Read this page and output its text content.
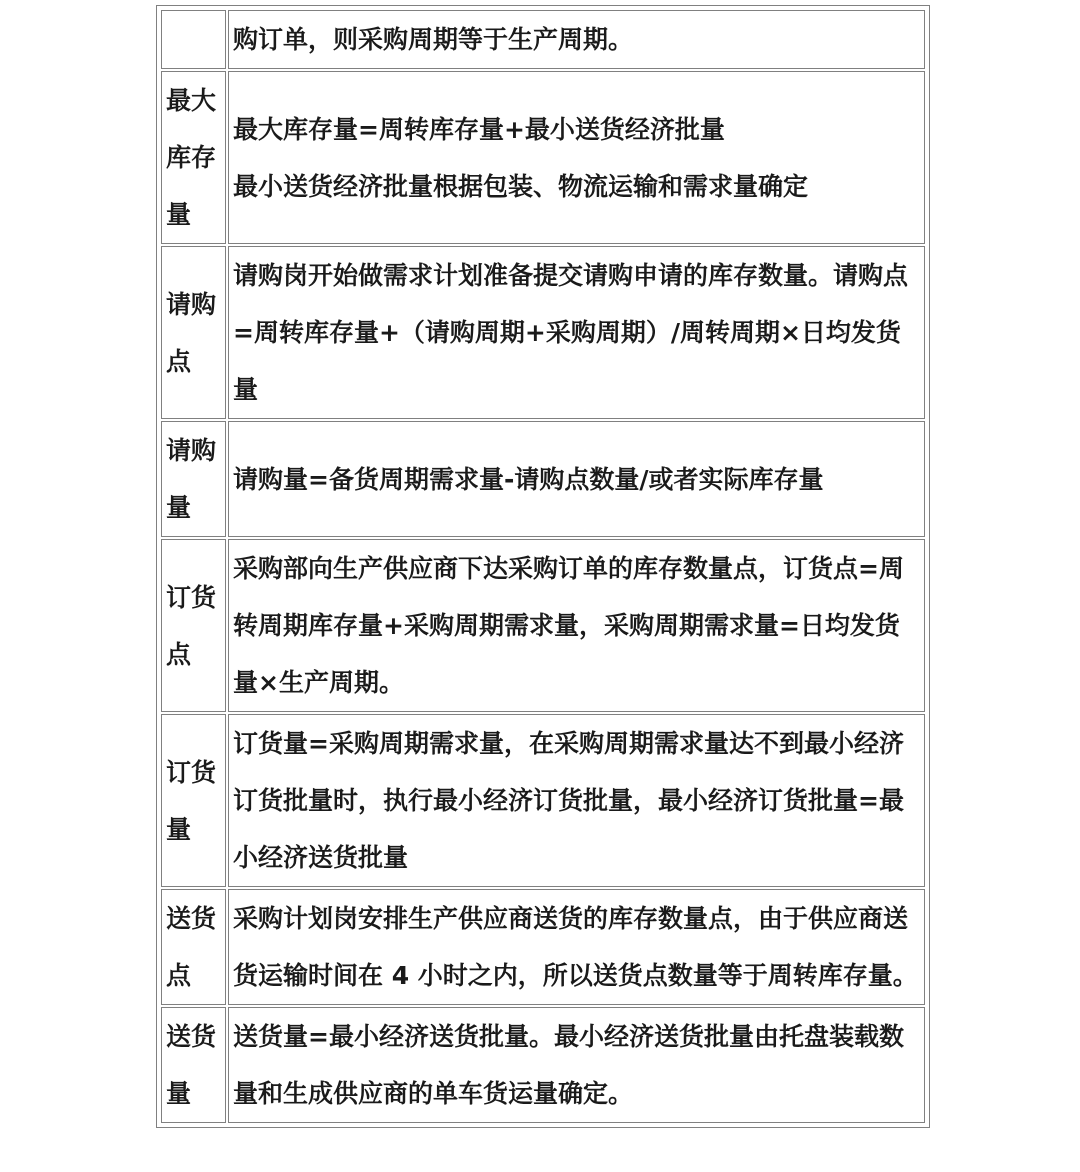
	购订单，则采购周期等于生产周期。

最大库存量	最大库存量=周转库存量+最小送货经济批量
最小送货经济批量根据包装、物流运输和需求量确定

请购点	请购岗开始做需求计划准备提交请购申请的库存数量。请购点=周转库存量+（请购周期+采购周期）/周转周期×日均发货量

请购量	请购量=备货周期需求量-请购点数量/或者实际库存量

订货点	采购部向生产供应商下达采购订单的库存数量点，订货点=周转周期库存量+采购周期需求量，采购周期需求量=日均发货量×生产周期。

订货量	订货量=采购周期需求量，在采购周期需求量达不到最小经济订货批量时，执行最小经济订货批量，最小经济订货批量=最小经济送货批量

送货点	采购计划岗安排生产供应商送货的库存数量点，由于供应商送货运输时间在 4 小时之内，所以送货点数量等于周转库存量。

送货量	送货量=最小经济送货批量。最小经济送货批量由托盘装载数量和生成供应商的单车货运量确定。
